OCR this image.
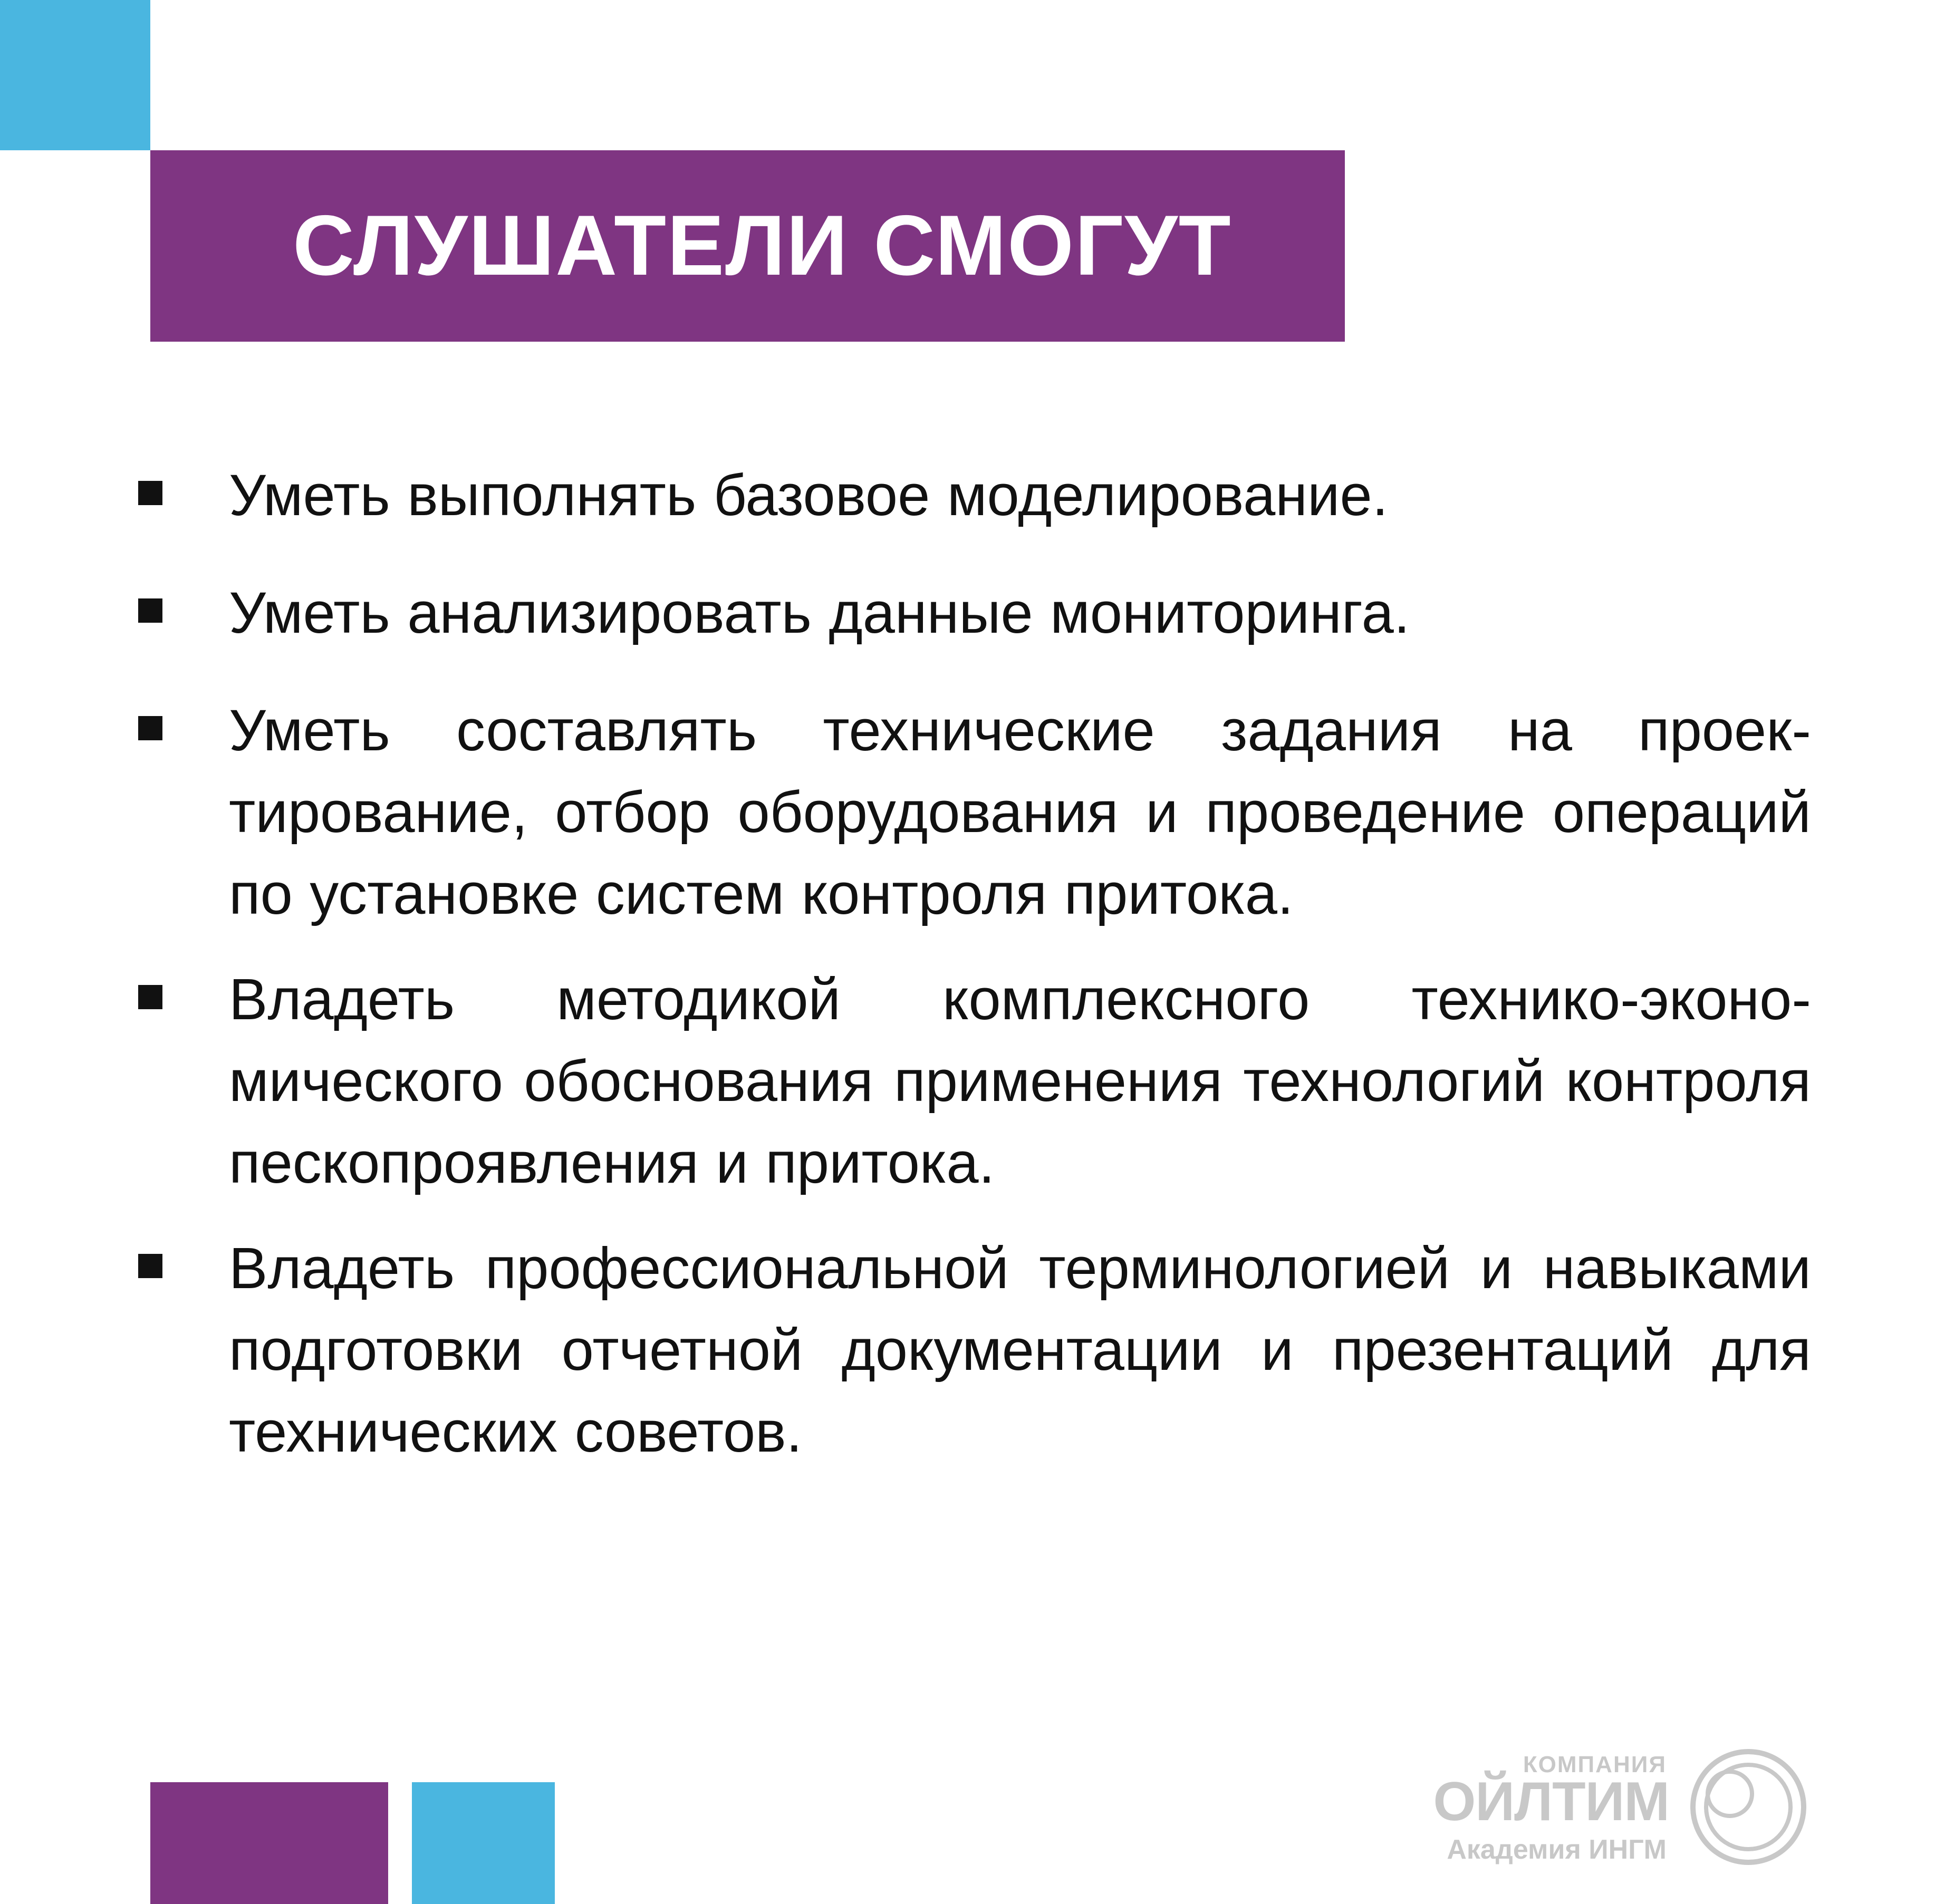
СЛУШАТЕЛИ СМОГУТ
Уметь выполнять базовое моделирование.
Уметь анализировать данные мониторинга.
Уметь составлять технические задания на проек-тирование, отбор оборудования и проведение операций по установке систем контроля притока.
Владеть методикой комплексного технико-эконо-мического обоснования применения технологий контроля пескопроявления и притока.
Владеть профессиональной терминологией и навыками подготовки отчетной документации и презентаций для технических советов.
КОМПАНИЯ
ОЙЛТИМ
Академия ИНГМ
